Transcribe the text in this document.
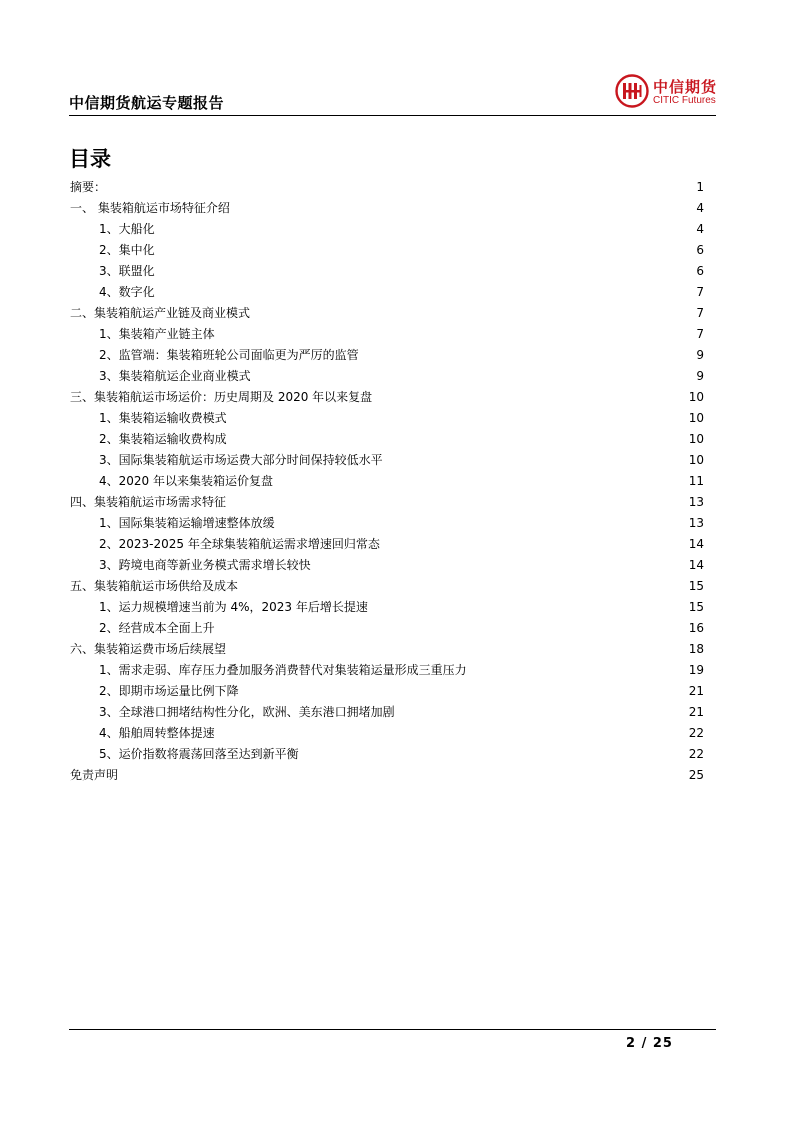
中信期货航运专题报告
中信期货
CITIC Futures
目录
摘要：	1
一、 集装箱航运市场特征介绍	4
1、大船化	4
2、集中化	6
3、联盟化	6
4、数字化	7
二、集装箱航运产业链及商业模式	7
1、集装箱产业链主体	7
2、监管端：集装箱班轮公司面临更为严厉的监管	9
3、集装箱航运企业商业模式	9
三、集装箱航运市场运价：历史周期及 2020 年以来复盘	10
1、集装箱运输收费模式	10
2、集装箱运输收费构成	10
3、国际集装箱航运市场运费大部分时间保持较低水平	10
4、2020 年以来集装箱运价复盘	11
四、集装箱航运市场需求特征	13
1、国际集装箱运输增速整体放缓	13
2、2023-2025 年全球集装箱航运需求增速回归常态	14
3、跨境电商等新业务模式需求增长较快	14
五、集装箱航运市场供给及成本	15
1、运力规模增速当前为 4%，2023 年后增长提速	15
2、经营成本全面上升	16
六、集装箱运费市场后续展望	18
1、需求走弱、库存压力叠加服务消费替代对集装箱运量形成三重压力	19
2、即期市场运量比例下降	21
3、全球港口拥堵结构性分化，欧洲、美东港口拥堵加剧	21
4、船舶周转整体提速	22
5、运价指数将震荡回落至达到新平衡	22
免责声明	25
2 / 25
